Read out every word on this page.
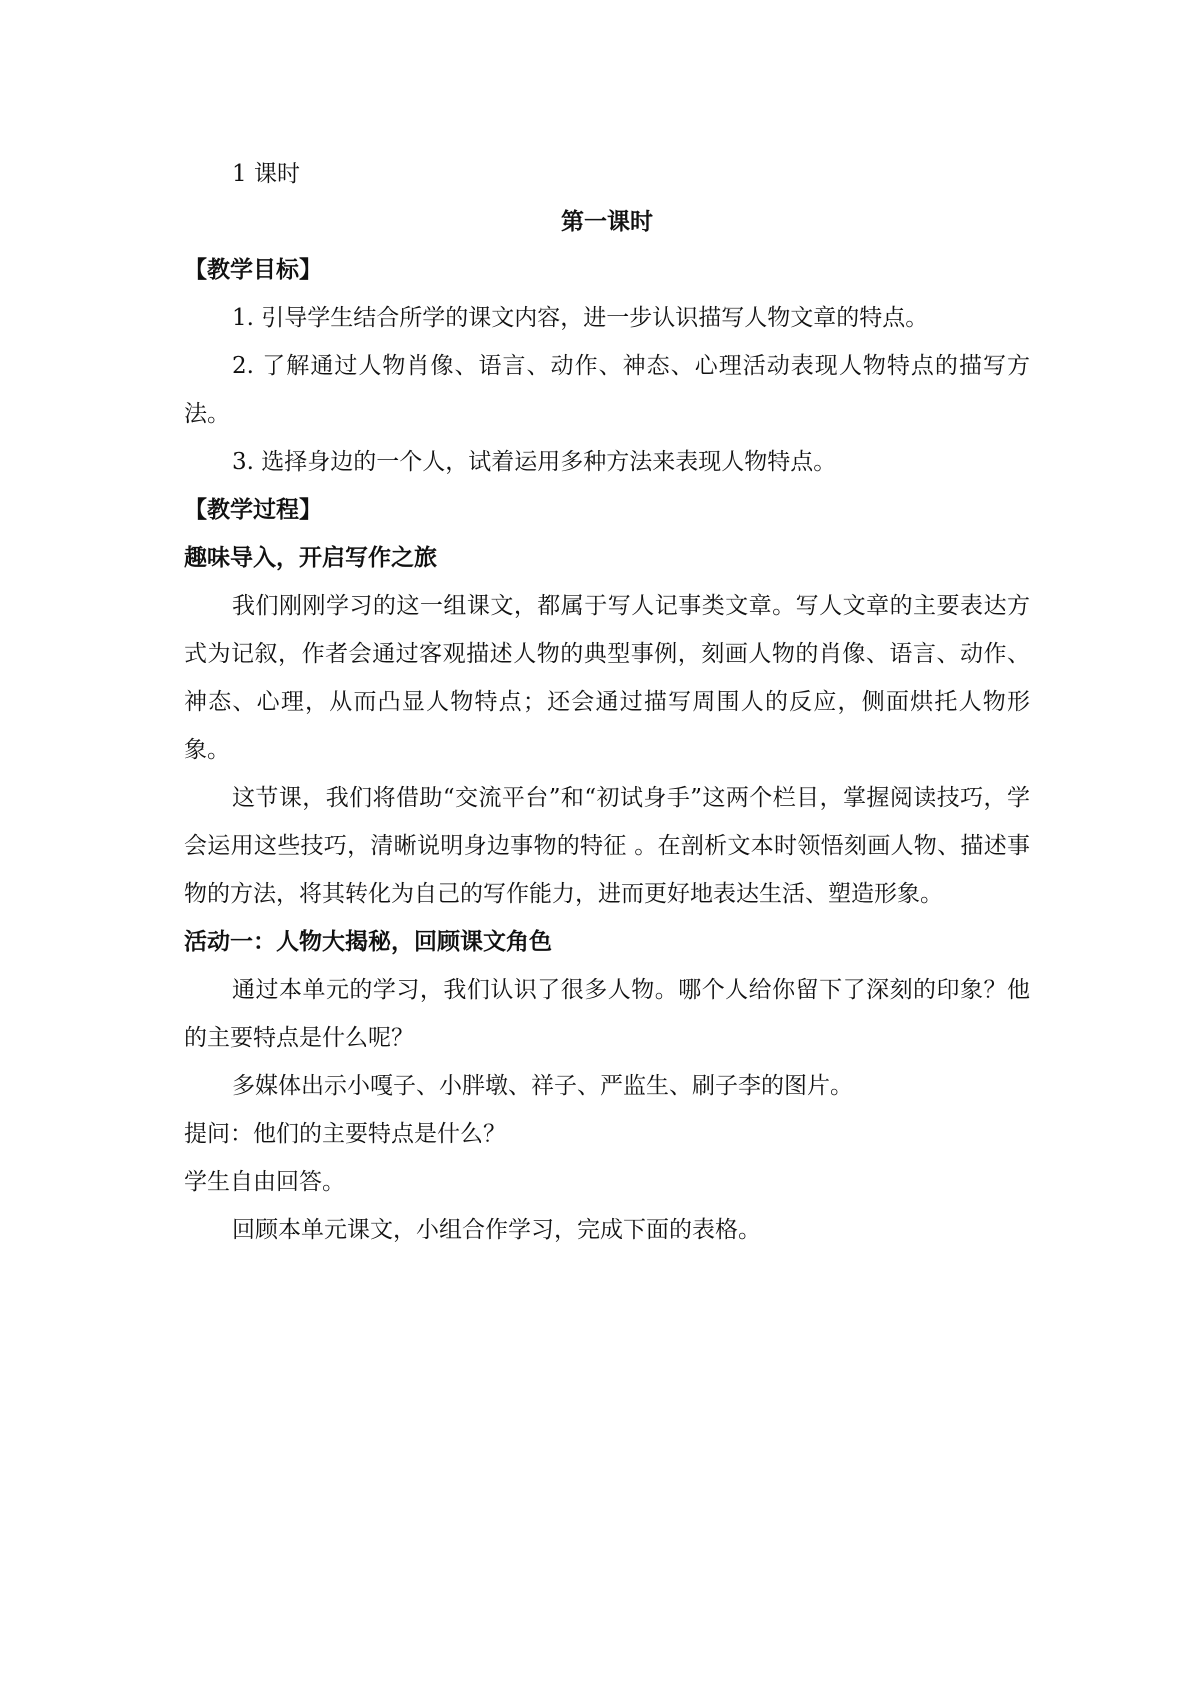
1 课时
第一课时
【教学目标】
1. 引导学生结合所学的课文内容，进一步认识描写人物文章的特点。
2. 了解通过人物肖像、语言、动作、神态、心理活动表现人物特点的描写方法。
3. 选择身边的一个人，试着运用多种方法来表现人物特点。
【教学过程】
趣味导入，开启写作之旅
我们刚刚学习的这一组课文，都属于写人记事类文章。写人文章的主要表达方式为记叙，作者会通过客观描述人物的典型事例，刻画人物的肖像、语言、动作、神态、心理，从而凸显人物特点；还会通过描写周围人的反应，侧面烘托人物形象。
这节课，我们将借助“交流平台”和“初试身手”这两个栏目，掌握阅读技巧，学会运用这些技巧，清晰说明身边事物的特征 。在剖析文本时领悟刻画人物、描述事物的方法，将其转化为自己的写作能力，进而更好地表达生活、塑造形象。
活动一：人物大揭秘，回顾课文角色
通过本单元的学习，我们认识了很多人物。哪个人给你留下了深刻的印象？他的主要特点是什么呢？
多媒体出示小嘎子、小胖墩、祥子、严监生、刷子李的图片。
提问：他们的主要特点是什么？
学生自由回答。
回顾本单元课文，小组合作学习，完成下面的表格。
